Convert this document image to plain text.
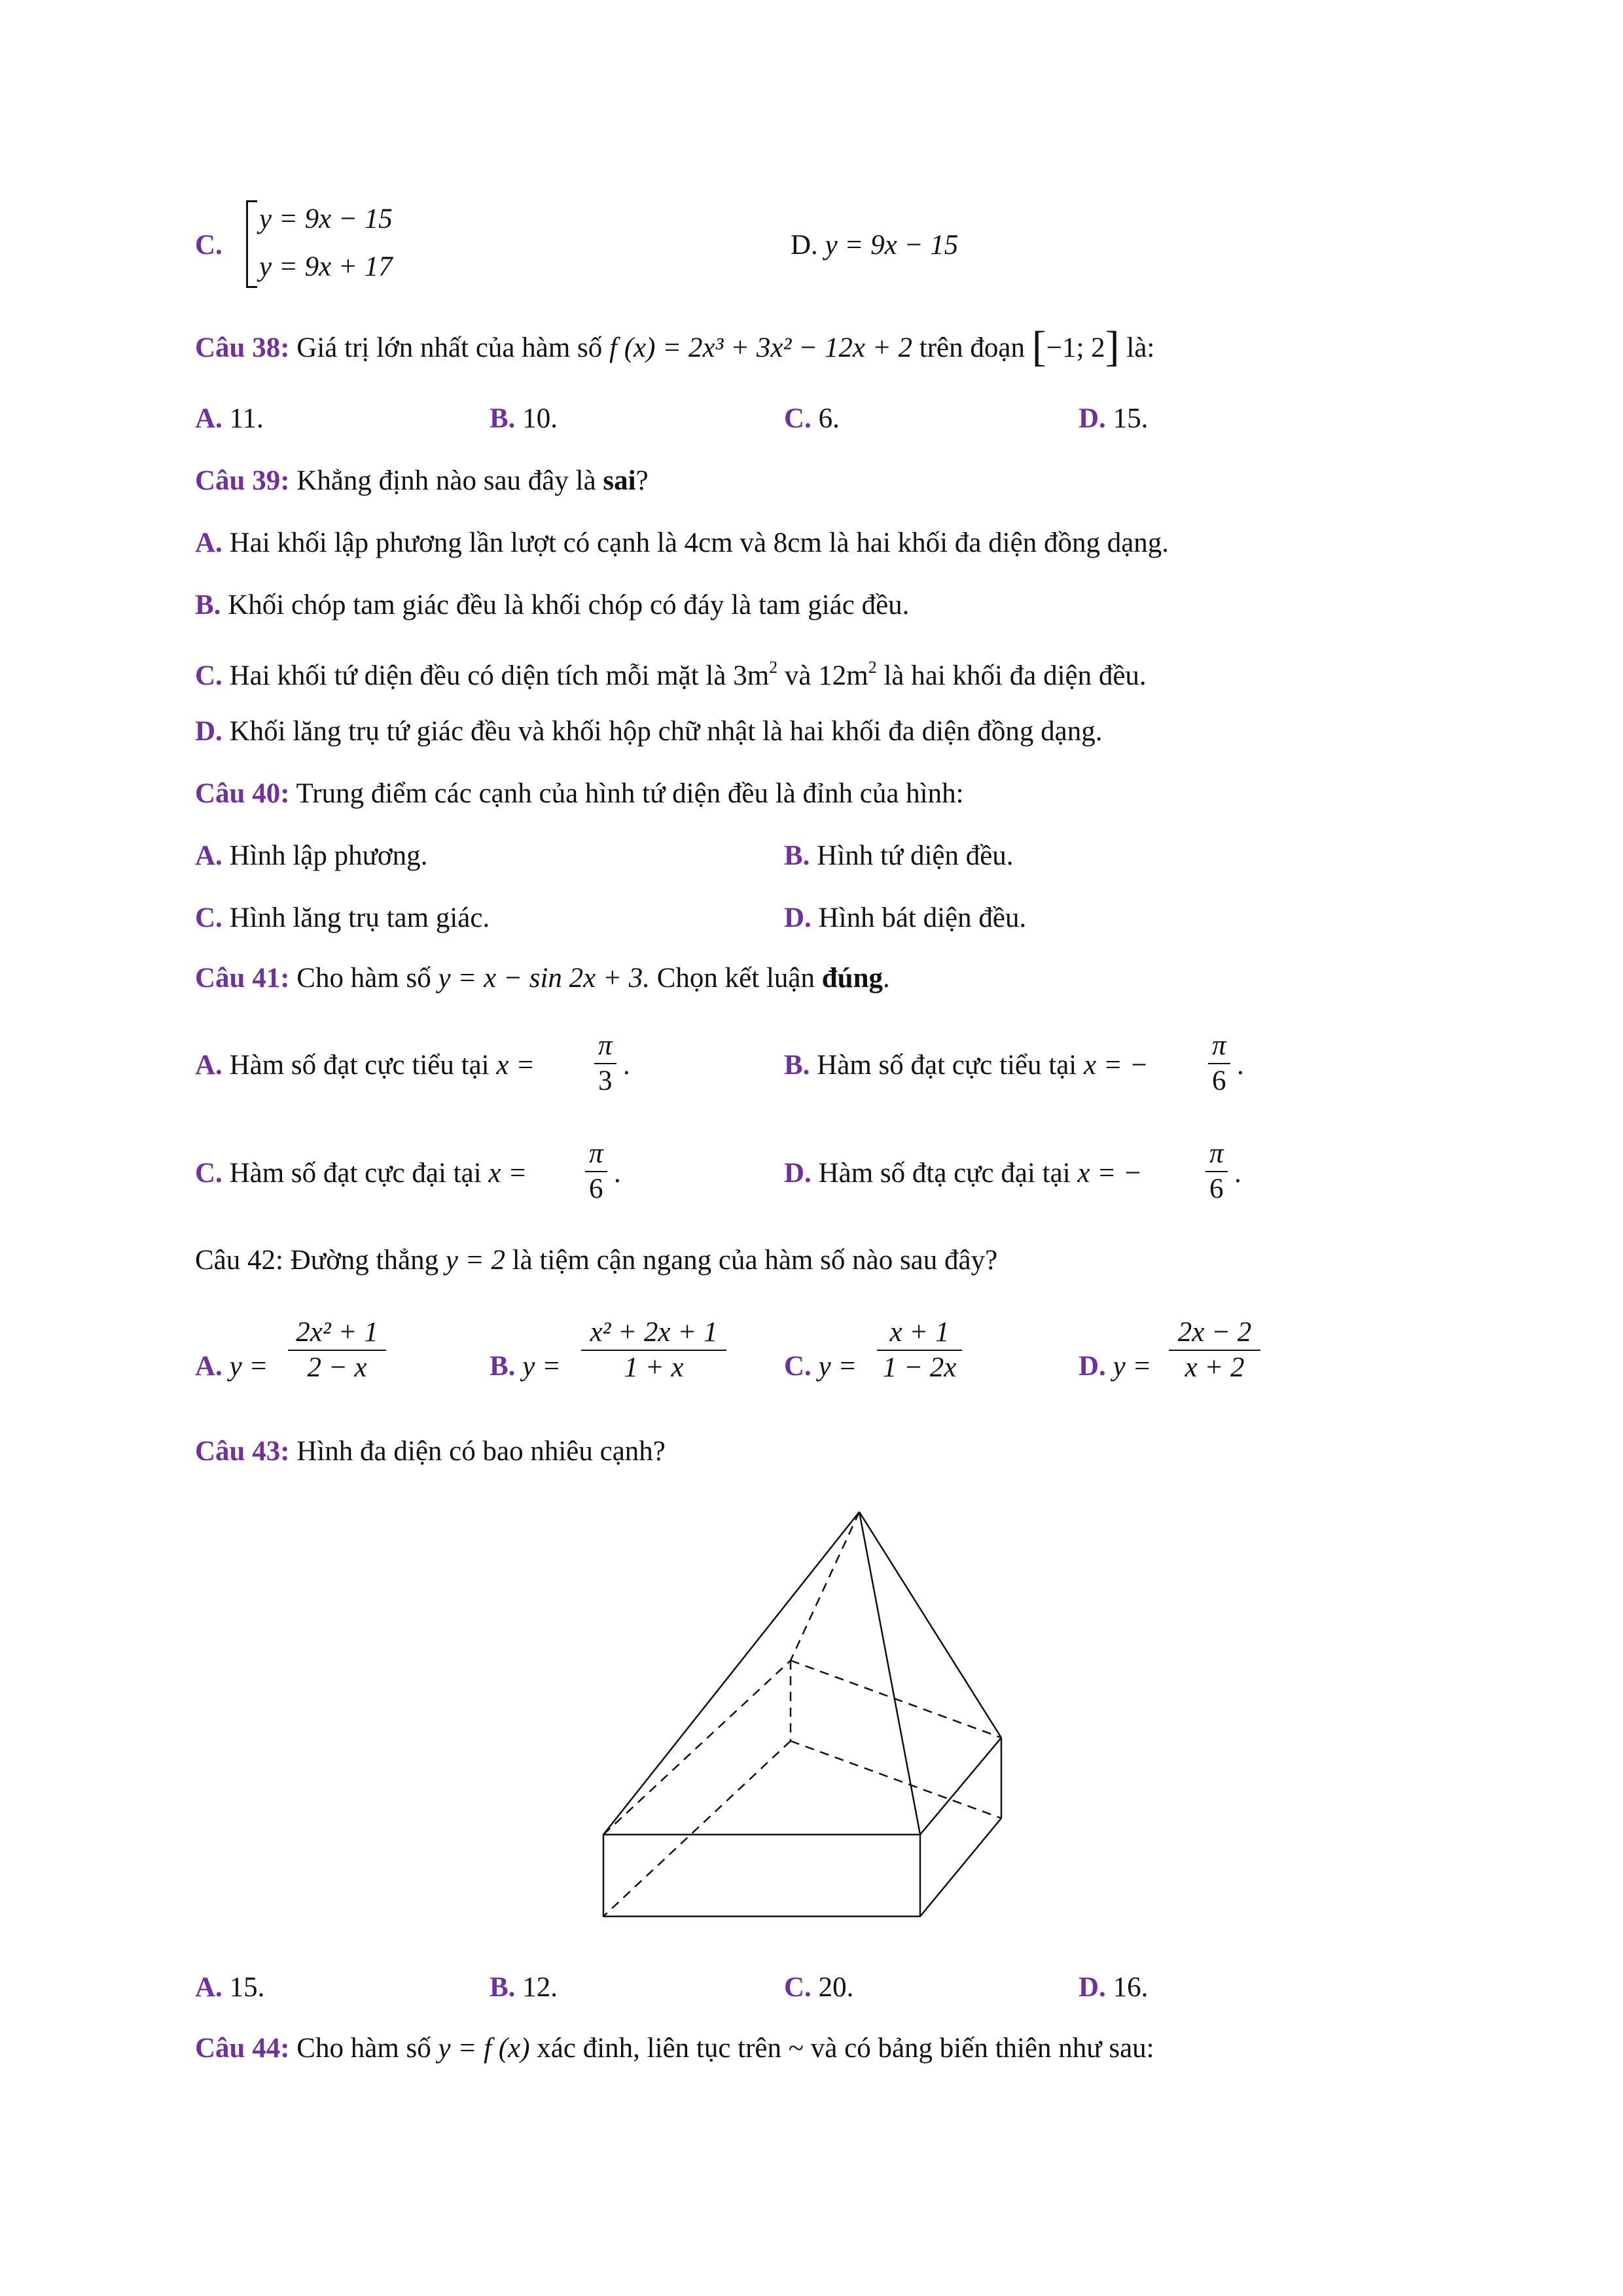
C.
y = 9x − 15
y = 9x + 17
D. y = 9x − 15
Câu 38: Giá trị lớn nhất của hàm số f (x) = 2x³ + 3x² − 12x + 2 trên đoạn [−1; 2] là:
A. 11.	B. 10.	C. 6.	D. 15.
Câu 39: Khẳng định nào sau đây là sai?
A. Hai khối lập phương lần lượt có cạnh là 4cm và 8cm là hai khối đa diện đồng dạng.
B. Khối chóp tam giác đều là khối chóp có đáy là tam giác đều.
C. Hai khối tứ diện đều có diện tích mỗi mặt là $3m^2$ và $12m^2$ là hai khối đa diện đều.
D. Khối lăng trụ tứ giác đều và khối hộp chữ nhật là hai khối đa diện đồng dạng.
Câu 40: Trung điểm các cạnh của hình tứ diện đều là đỉnh của hình:
A. Hình lập phương.	B. Hình tứ diện đều.
C. Hình lăng trụ tam giác.	D. Hình bát diện đều.
Câu 41: Cho hàm số y = x − sin 2x + 3. Chọn kết luận đúng.
A. Hàm số đạt cực tiểu tại x =
π
3
.	B. Hàm số đạt cực tiểu tại x = −
π
6
.
C. Hàm số đạt cực đại tại x =
π
6
.	D. Hàm số đtạ cực đại tại x = −
π
6
.
Câu 42: Đường thẳng y = 2 là tiệm cận ngang của hàm số nào sau đây?
A. y =
2x² + 1
2 − x	B. y =
x² + 2x + 1
1 + x	C. y =
x + 1
1 − 2x	D. y =
2x − 2
x + 2
Câu 43: Hình đa diện có bao nhiêu cạnh?
A. 15.	B. 12.	C. 20.	D. 16.
Câu 44: Cho hàm số y = f (x) xác đinh, liên tục trên ~ và có bảng biến thiên như sau:
